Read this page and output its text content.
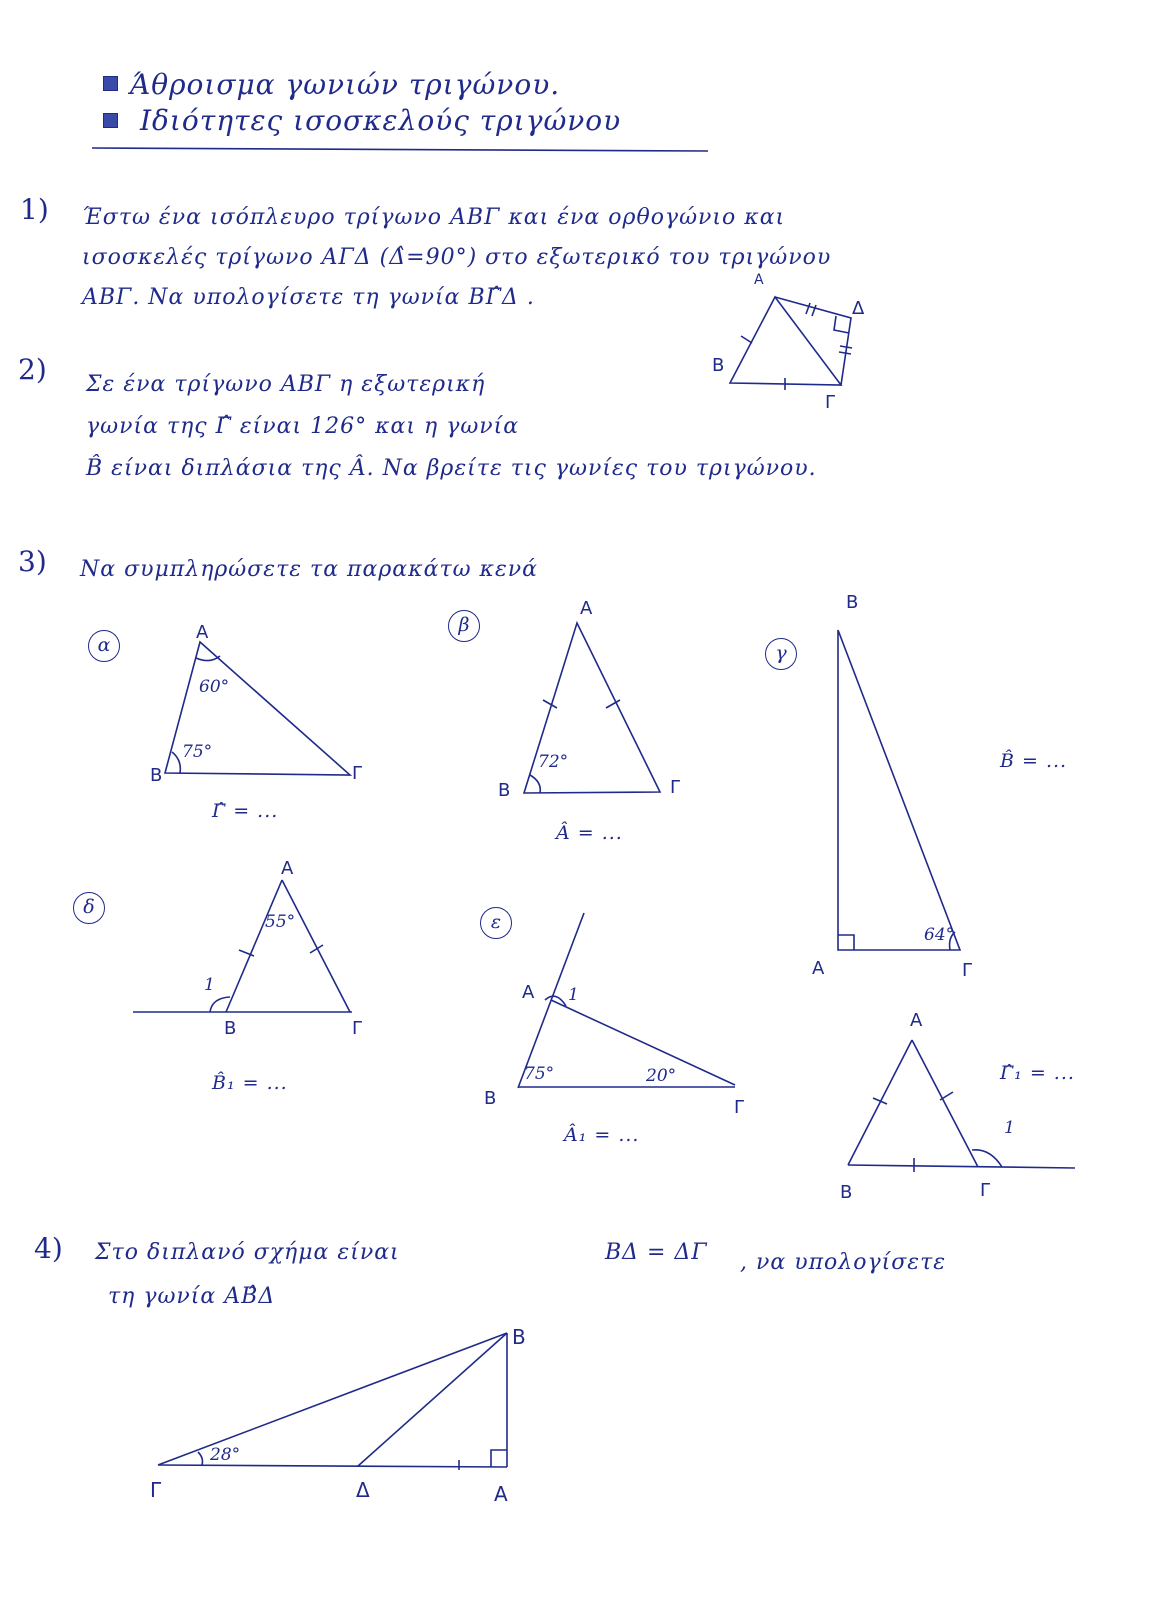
Άθροισμα γωνιών τριγώνου.
Ιδιότητες ισοσκελούς τριγώνου
1) Έστω ένα ισόπλευρο τρίγωνο ΑΒΓ και ένα ορθογώνιο και
ισοσκελές τρίγωνο ΑΓΔ (Δ̂=90°) στο εξωτερικό του τριγώνου
ΑΒΓ. Να υπολογίσετε τη γωνία ΒΓ̂Δ .
Α
Δ
Β
Γ
2) Σε ένα τρίγωνο ΑΒΓ η εξωτερική
γωνία της Γ̂ είναι 126° και η γωνία
B̂ είναι διπλάσια της Â. Να βρείτε τις γωνίες του τριγώνου.
3) Να συμπληρώσετε τα παρακάτω κενά
α
Α
Β	Γ
60°
75°
Γ̂ = ...
β
Α
Β	Γ
72°
Â = ...
γ
Β
Α	Γ
64°
B̂ = ...
δ
Α
Β	Γ
55°
1
B̂₁ = ...
ε
Α
Β	Γ
1
75°	20°
Â₁ = ...
Α
Β	Γ
1
Γ̂₁ = ...
4) Στο διπλανό σχήμα είναι	ΒΔ = ΔΓ , να υπολογίσετε
τη γωνία ΑΒ̂Δ
Β
Γ	Δ	Α
28°
